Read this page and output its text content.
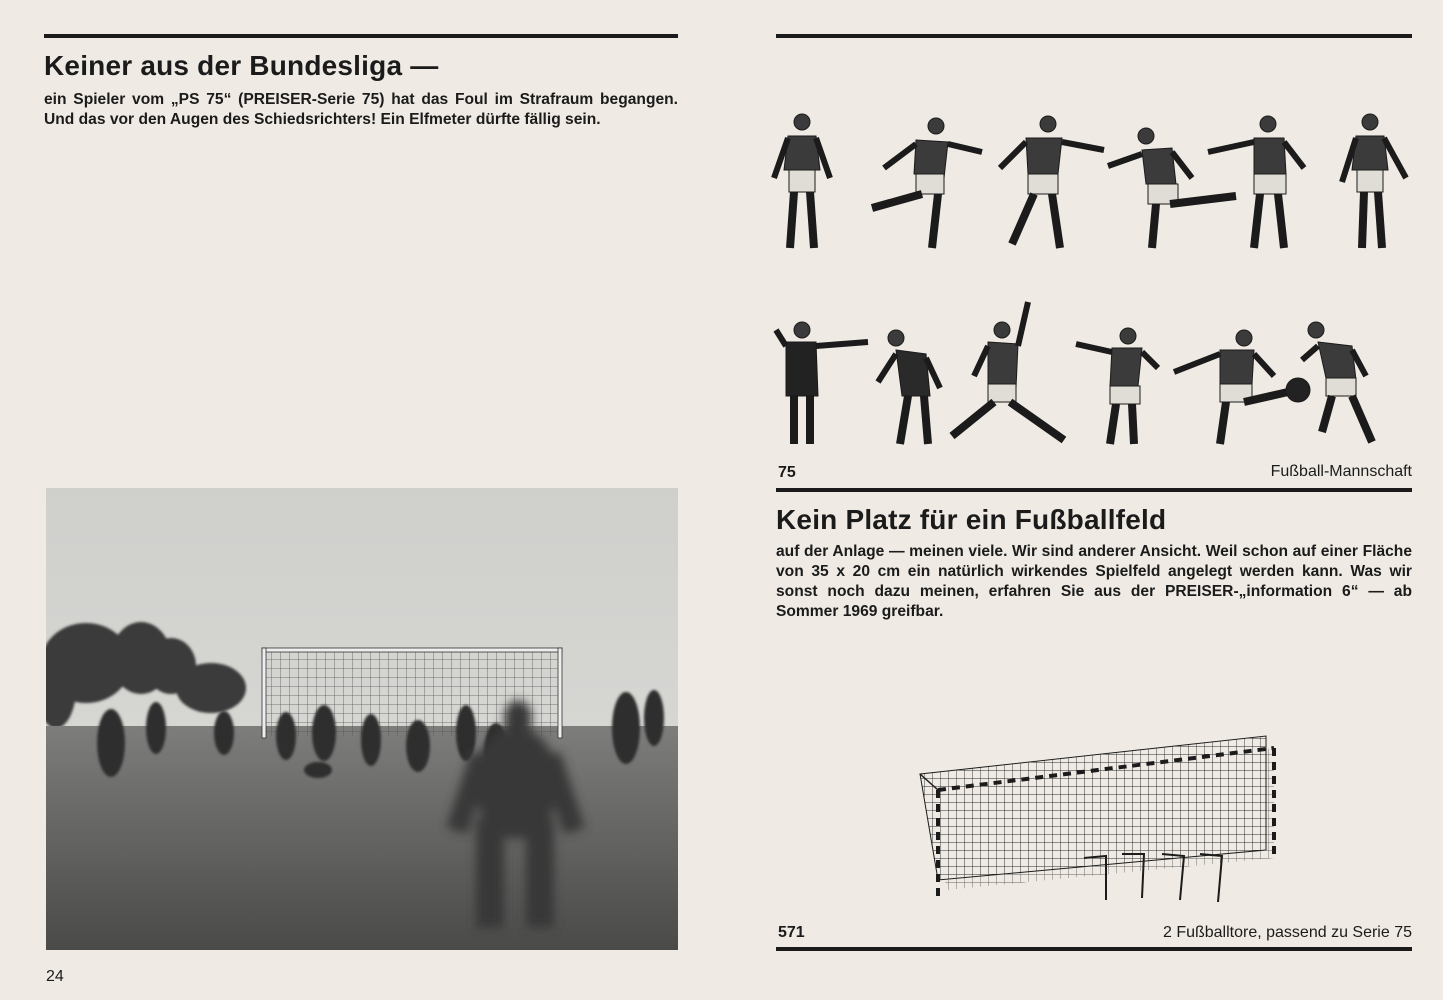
Keiner aus der Bundesliga —
ein Spieler vom „PS 75“ (PREISER-Serie 75) hat das Foul im Strafraum begangen. Und das vor den Augen des Schiedsrichters! Ein Elfmeter dürfte fällig sein.
24
75	Fußball-Mannschaft
Kein Platz für ein Fußballfeld
auf der Anlage — meinen viele. Wir sind anderer Ansicht. Weil schon auf einer Fläche von 35 x 20 cm ein natürlich wirkendes Spielfeld angelegt werden kann. Was wir sonst noch dazu meinen, erfahren Sie aus der PREISER-„information 6“ — ab Sommer 1969 greifbar.
571	2 Fußballtore, passend zu Serie 75
